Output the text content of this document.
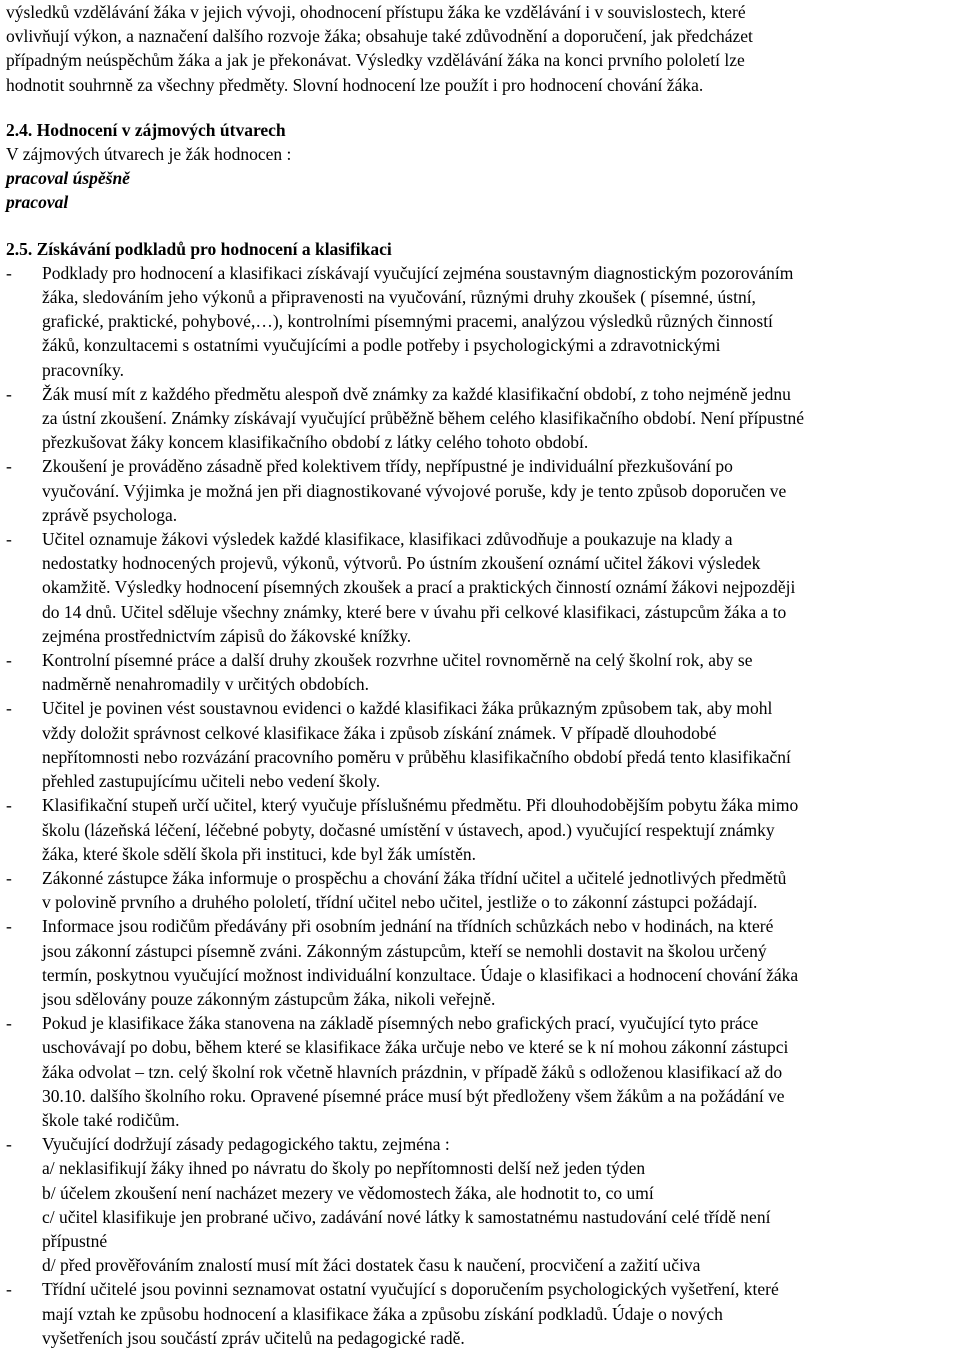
výsledků vzdělávání žáka v jejich vývoji, ohodnocení přístupu žáka ke vzdělávání i v souvislostech, které
ovlivňují výkon, a naznačení dalšího rozvoje žáka; obsahuje také zdůvodnění a doporučení, jak předcházet
případným neúspěchům žáka a jak je překonávat. Výsledky vzdělávání žáka na konci prvního pololetí lze
hodnotit souhrnně za všechny předměty. Slovní hodnocení lze použít i pro hodnocení chování žáka.

2.4. Hodnocení v zájmových útvarech

V zájmových útvarech je žák hodnocen :

pracoval úspěšně

pracoval

2.5. Získávání podkladů pro hodnocení a klasifikaci

- Podklady pro hodnocení a klasifikaci získávají vyučující zejména soustavným diagnostickým pozorováním
žáka, sledováním jeho výkonů a připravenosti na vyučování, různými druhy zkoušek ( písemné, ústní,
grafické, praktické, pohybové,…), kontrolními písemnými pracemi, analýzou výsledků různých činností
žáků, konzultacemi s ostatními vyučujícími a podle potřeby i psychologickými a zdravotnickými
pracovníky.
- Žák musí mít z každého předmětu alespoň dvě známky za každé klasifikační období, z toho nejméně jednu
za ústní zkoušení. Známky získávají vyučující průběžně během celého klasifikačního období. Není přípustné
přezkušovat žáky koncem klasifikačního období z látky celého tohoto období.
- Zkoušení je prováděno zásadně před kolektivem třídy, nepřípustné je individuální přezkušování po
vyučování. Výjimka je možná jen při diagnostikované vývojové poruše, kdy je tento způsob doporučen ve
zprávě psychologa.
- Učitel oznamuje žákovi výsledek každé klasifikace, klasifikaci zdůvodňuje a poukazuje na klady a
nedostatky hodnocených projevů, výkonů, výtvorů. Po ústním zkoušení oznámí učitel žákovi výsledek
okamžitě. Výsledky hodnocení písemných zkoušek a prací a praktických činností oznámí žákovi nejpozději
do 14 dnů. Učitel sděluje všechny známky, které bere v úvahu při celkové klasifikaci, zástupcům žáka a to
zejména prostřednictvím zápisů do žákovské knížky.
- Kontrolní písemné práce a další druhy zkoušek rozvrhne učitel rovnoměrně na celý školní rok, aby se
nadměrně nenahromadily v určitých obdobích.
- Učitel je povinen vést soustavnou evidenci o každé klasifikaci žáka průkazným způsobem tak, aby mohl
vždy doložit správnost celkové klasifikace žáka i způsob získání známek. V případě dlouhodobé
nepřítomnosti nebo rozvázání pracovního poměru v průběhu klasifikačního období předá tento klasifikační
přehled zastupujícímu učiteli nebo vedení školy.
- Klasifikační stupeň určí učitel, který vyučuje příslušnému předmětu. Při dlouhodobějším pobytu žáka mimo
školu (lázeňská léčení, léčebné pobyty, dočasné umístění v ústavech, apod.) vyučující respektují známky
žáka, které škole sdělí škola při instituci, kde byl žák umístěn.
- Zákonné zástupce žáka informuje o prospěchu a chování žáka třídní učitel a učitelé jednotlivých předmětů
v polovině prvního a druhého pololetí, třídní učitel nebo učitel, jestliže o to zákonní zástupci požádají.
- Informace jsou rodičům předávány při osobním jednání na třídních schůzkách nebo v hodinách, na které
jsou zákonní zástupci písemně zváni. Zákonným zástupcům, kteří se nemohli dostavit na školou určený
termín, poskytnou vyučující možnost individuální konzultace. Údaje o klasifikaci a hodnocení chování žáka
jsou sdělovány pouze zákonným zástupcům žáka, nikoli veřejně.
- Pokud je klasifikace žáka stanovena na základě písemných nebo grafických prací, vyučující tyto práce
uschovávají po dobu, během které se klasifikace žáka určuje nebo ve které se k ní mohou zákonní zástupci
žáka odvolat – tzn. celý školní rok včetně hlavních prázdnin, v případě žáků s odloženou klasifikací až do
30.10. dalšího školního roku. Opravené písemné práce musí být předloženy všem žákům a na požádání ve
škole také rodičům.
- Vyučující dodržují zásady pedagogického taktu, zejména :
a/ neklasifikují žáky ihned po návratu do školy po nepřítomnosti delší než jeden týden
b/ účelem zkoušení není nacházet mezery ve vědomostech žáka, ale hodnotit to, co umí
c/ učitel klasifikuje jen probrané učivo, zadávání nové látky k samostatnému nastudování celé třídě není
přípustné
d/ před prověřováním znalostí musí mít žáci dostatek času k naučení, procvičení a zažití učiva
- Třídní učitelé jsou povinni seznamovat ostatní vyučující s doporučením psychologických vyšetření, které
mají vztah ke způsobu hodnocení a klasifikace žáka a způsobu získání podkladů. Údaje o nových
vyšetřeních jsou součástí zpráv učitelů na pedagogické radě.
